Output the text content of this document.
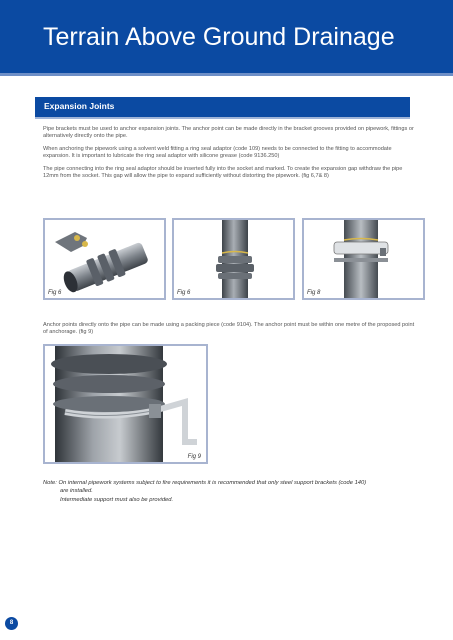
Terrain Above Ground Drainage
Expansion Joints

Pipe brackets must be used to anchor expansion joints. The anchor point can be made directly in the bracket grooves provided on pipework, fittings or alternatively directly onto the pipe.

When anchoring the pipework using a solvent weld fitting a ring seal adaptor (code 109) needs to be connected to the fitting to accommodate expansion. It is important to lubricate the ring seal adaptor with silicone grease (code 9136.250)

The pipe connecting into the ring seal adaptor should be inserted fully into the socket and marked. To create the expansion gap withdraw the pipe 12mm from the socket. This gap will allow the pipe to expand sufficiently without distorting the pipework. (fig 6,7& 8)

Fig 6	Fig 6	Fig 8

Anchor points directly onto the pipe can be made using a packing piece (code 9104). The anchor point must be within one metre of the proposed point of anchorage. (fig 9)

Fig 9

Note: On internal pipework systems subject to fire requirements it is recommended that only steel support brackets (code 140)

are installed.

Intermediate support must also be provided.

8
